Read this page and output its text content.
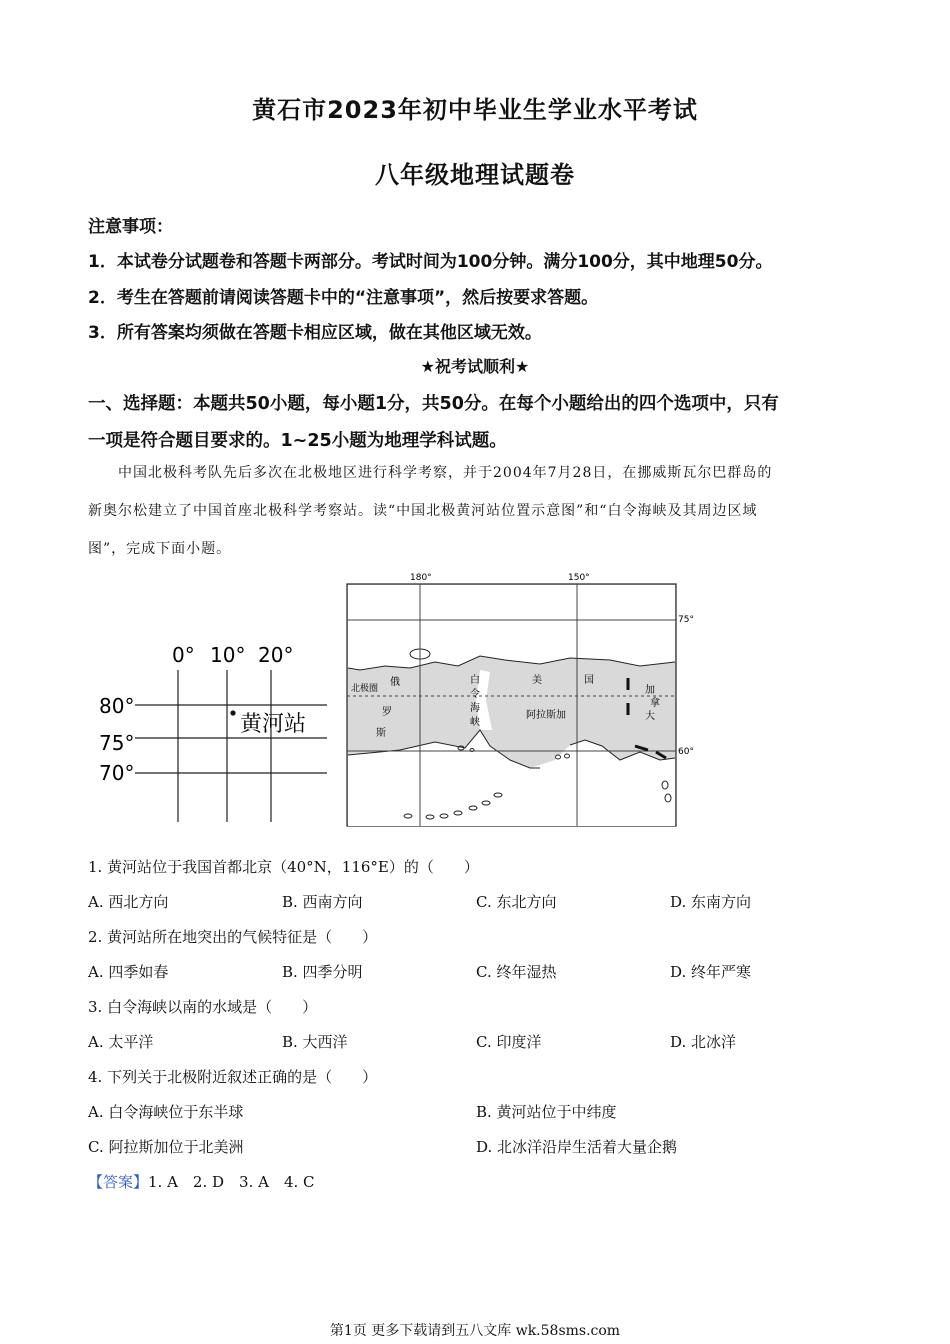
黄石市2023年初中毕业生学业水平考试
八年级地理试题卷
注意事项：
1．本试卷分试题卷和答题卡两部分。考试时间为100分钟。满分100分，其中地理50分。
2．考生在答题前请阅读答题卡中的“注意事项”，然后按要求答题。
3．所有答案均须做在答题卡相应区域，做在其他区域无效。
★祝考试顺利★
一、选择题：本题共50小题，每小题1分，共50分。在每个小题给出的四个选项中，只有
一项是符合题目要求的。1~25小题为地理学科试题。
中国北极科考队先后多次在北极地区进行科学考察，并于2004年7月28日，在挪威斯瓦尔巴群岛的
新奥尔松建立了中国首座北极科学考察站。读“中国北极黄河站位置示意图”和“白令海峡及其周边区域
图”，完成下面小题。
0° 10° 20°
80°
75°
70°
黄河站
180°	150°
75°
60°
北极圈
俄
罗
斯
白
令
海
峡
美	国
阿拉斯加
加
拿
大
1. 黄河站位于我国首都北京（40°N，116°E）的（　　）
A. 西北方向	B. 西南方向	C. 东北方向	D. 东南方向
2. 黄河站所在地突出的气候特征是（　　）
A. 四季如春	B. 四季分明	C. 终年湿热	D. 终年严寒
3. 白令海峡以南的水域是（　　）
A. 太平洋	B. 大西洋	C. 印度洋	D. 北冰洋
4. 下列关于北极附近叙述正确的是（　　）
A. 白令海峡位于东半球	B. 黄河站位于中纬度
C. 阿拉斯加位于北美洲	D. 北冰洋沿岸生活着大量企鹅
【答案】1. A　2. D　3. A　4. C
第1页 更多下载请到五八文库 wk.58sms.com
